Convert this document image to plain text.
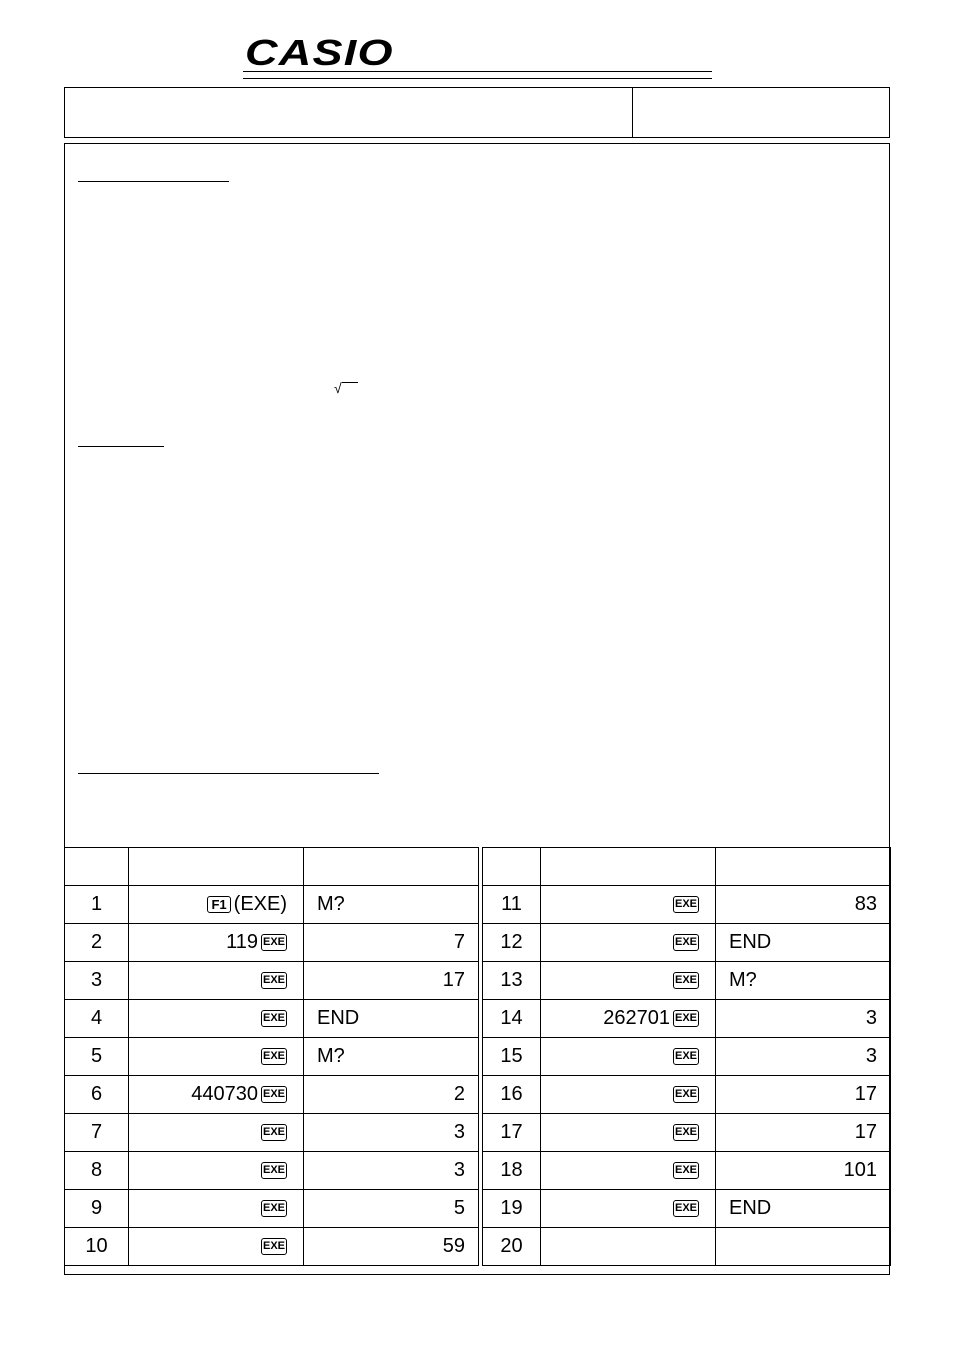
CASIO
√

1	F1 (EXE)	M?
2	119 EXE	7
3	EXE	17
4	EXE	END
5	EXE	M?
6	440730 EXE	2
7	EXE	3
8	EXE	3
9	EXE	5
10	EXE	59

11	EXE	83
12	EXE	END
13	EXE	M?
14	262701 EXE	3
15	EXE	3
16	EXE	17
17	EXE	17
18	EXE	101
19	EXE	END
20		
